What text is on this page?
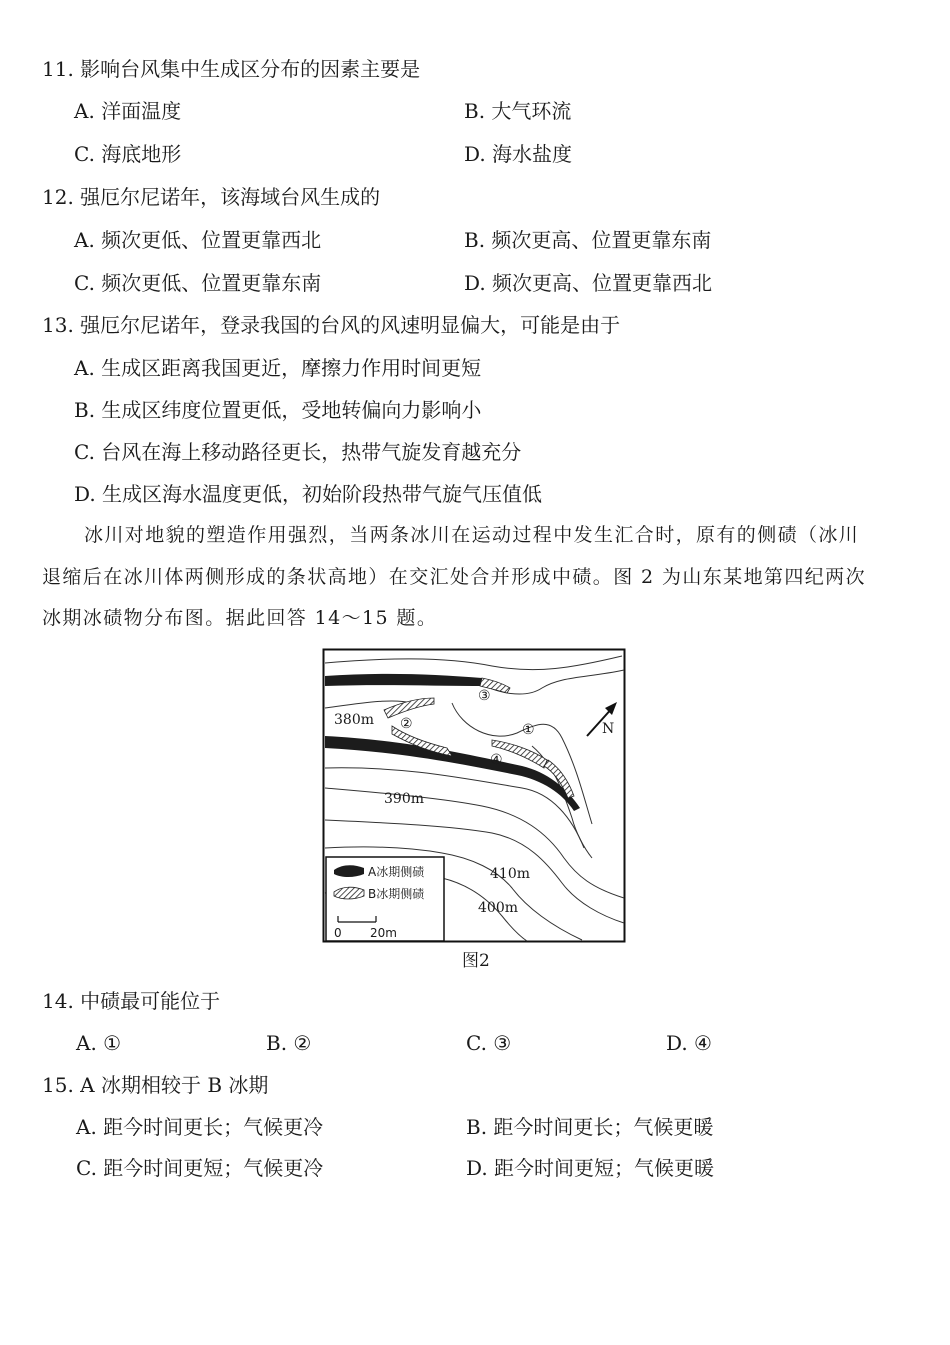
11. 影响台风集中生成区分布的因素主要是
A. 洋面温度	B. 大气环流
C. 海底地形	D. 海水盐度
12. 强厄尔尼诺年，该海域台风生成的
A. 频次更低、位置更靠西北	B. 频次更高、位置更靠东南
C. 频次更低、位置更靠东南	D. 频次更高、位置更靠西北
13. 强厄尔尼诺年，登录我国的台风的风速明显偏大，可能是由于
A. 生成区距离我国更近，摩擦力作用时间更短
B. 生成区纬度位置更低，受地转偏向力影响小
C. 台风在海上移动路径更长，热带气旋发育越充分
D. 生成区海水温度更低，初始阶段热带气旋气压值低
冰川对地貌的塑造作用强烈，当两条冰川在运动过程中发生汇合时，原有的侧碛（冰川
退缩后在冰川体两侧形成的条状高地）在交汇处合并形成中碛。图 2 为山东某地第四纪两次
冰期冰碛物分布图。据此回答 14～15 题。
N
380m
390m
410m
400m
①
②
③
④
A冰期侧碛
B冰期侧碛
0 20m
图2
14. 中碛最可能位于
A. ①	B. ②	C. ③	D. ④
15. A 冰期相较于 B 冰期
A. 距今时间更长；气候更冷	B. 距今时间更长；气候更暖
C. 距今时间更短；气候更冷	D. 距今时间更短；气候更暖
